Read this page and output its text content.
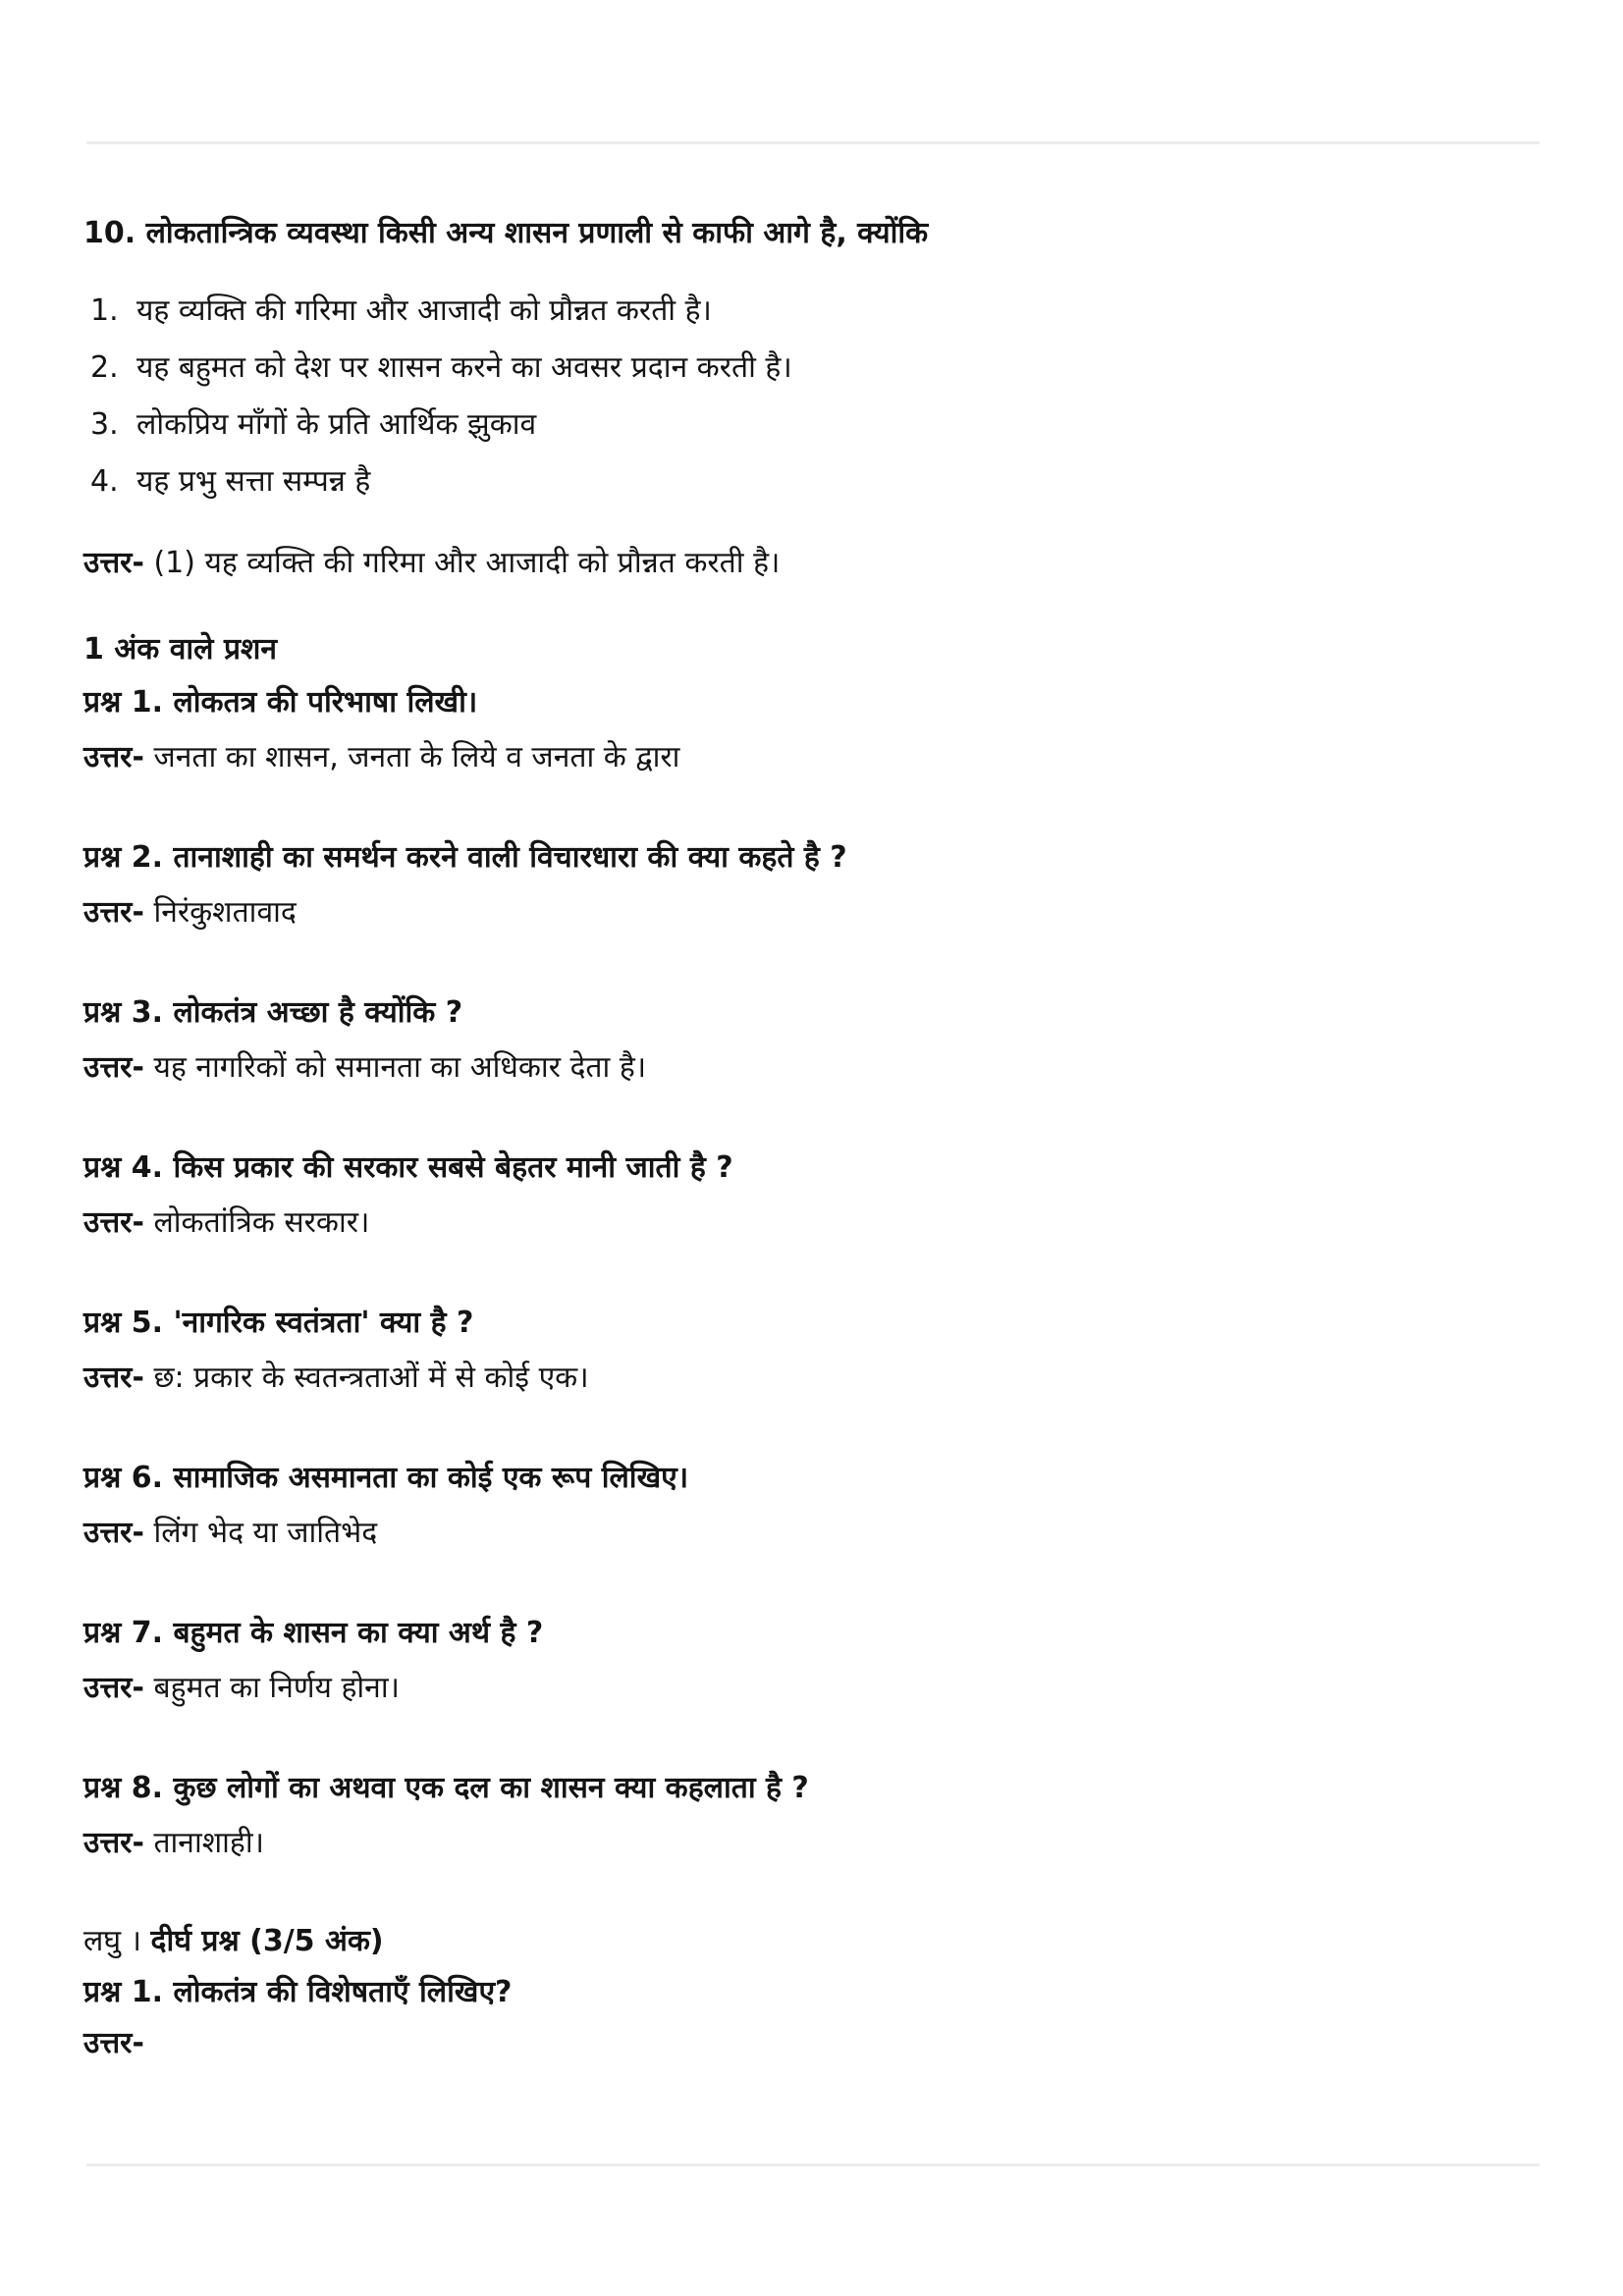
10. लोकतान्त्रिक व्यवस्था किसी अन्य शासन प्रणाली से काफी आगे है, क्योंकि

1. यह व्यक्ति की गरिमा और आजादी को प्रौन्नत करती है।
2. यह बहुमत को देश पर शासन करने का अवसर प्रदान करती है।
3. लोकप्रिय माँगों के प्रति आर्थिक झुकाव
4. यह प्रभु सत्ता सम्पन्न है

उत्तर- (1) यह व्यक्ति की गरिमा और आजादी को प्रौन्नत करती है।

1 अंक वाले प्रशन

प्रश्न 1. लोकतत्र की परिभाषा लिखी।

उत्तर- जनता का शासन, जनता के लिये व जनता के द्वारा

प्रश्न 2. तानाशाही का समर्थन करने वाली विचारधारा की क्या कहते है ?

उत्तर- निरंकुशतावाद

प्रश्न 3. लोकतंत्र अच्छा है क्योंकि ?

उत्तर- यह नागरिकों को समानता का अधिकार देता है।

प्रश्न 4. किस प्रकार की सरकार सबसे बेहतर मानी जाती है ?

उत्तर- लोकतांत्रिक सरकार।

प्रश्न 5. 'नागरिक स्वतंत्रता' क्या है ?

उत्तर- छ: प्रकार के स्वतन्त्रताओं में से कोई एक।

प्रश्न 6. सामाजिक असमानता का कोई एक रूप लिखिए।

उत्तर- लिंग भेद या जातिभेद

प्रश्न 7. बहुमत के शासन का क्या अर्थ है ?

उत्तर- बहुमत का निर्णय होना।

प्रश्न 8. कुछ लोगों का अथवा एक दल का शासन क्या कहलाता है ?

उत्तर- तानाशाही।

लघु । दीर्घ प्रश्न (3/5 अंक)

प्रश्न 1. लोकतंत्र की विशेषताएँ लिखिए?

उत्तर-
